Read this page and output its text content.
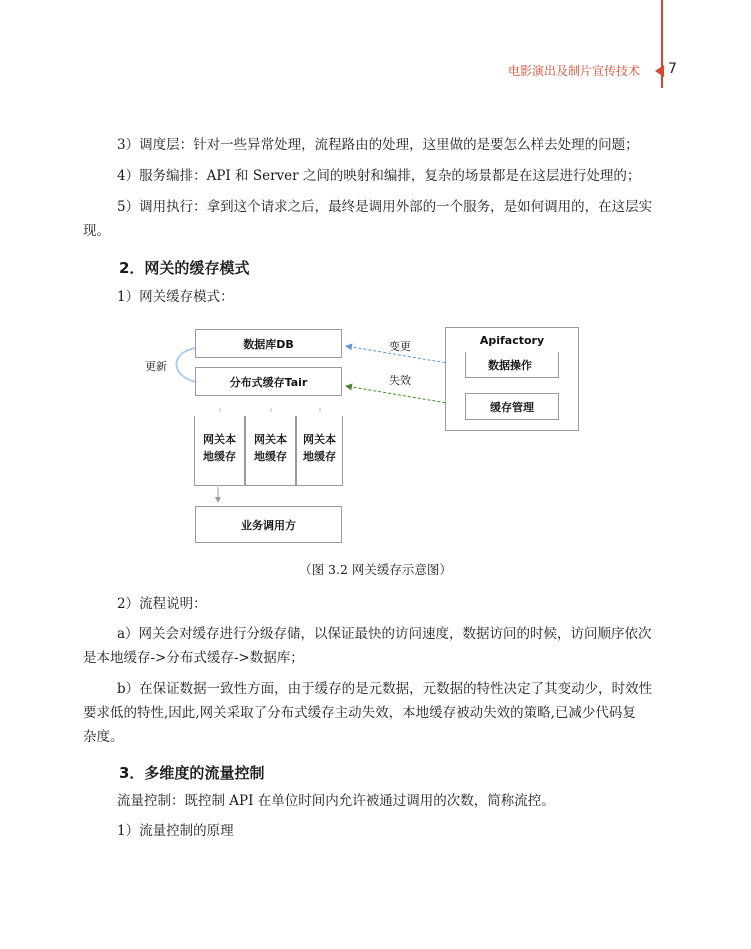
电影演出及制片宣传技术 7
3）调度层：针对一些异常处理，流程路由的处理，这里做的是要怎么样去处理的问题；
4）服务编排：API 和 Server 之间的映射和编排，复杂的场景都是在这层进行处理的；
5）调用执行：拿到这个请求之后，最终是调用外部的一个服务，是如何调用的，在这层实
现。
2．网关的缓存模式
1）网关缓存模式：
数据库DB
分布式缓存Tair
网关本
地缓存
网关本
地缓存
网关本
地缓存
业务调用方
Apifactory
数据操作
缓存管理
更新
变更
失效
（图 3.2 网关缓存示意图）
2）流程说明：
a）网关会对缓存进行分级存储，以保证最快的访问速度，数据访问的时候，访问顺序依次
是本地缓存->分布式缓存->数据库；
b）在保证数据一致性方面，由于缓存的是元数据，元数据的特性决定了其变动少，时效性
要求低的特性,因此,网关采取了分布式缓存主动失效，本地缓存被动失效的策略,已减少代码复
杂度。
3．多维度的流量控制
流量控制：既控制 API 在单位时间内允许被通过调用的次数，简称流控。
1）流量控制的原理
